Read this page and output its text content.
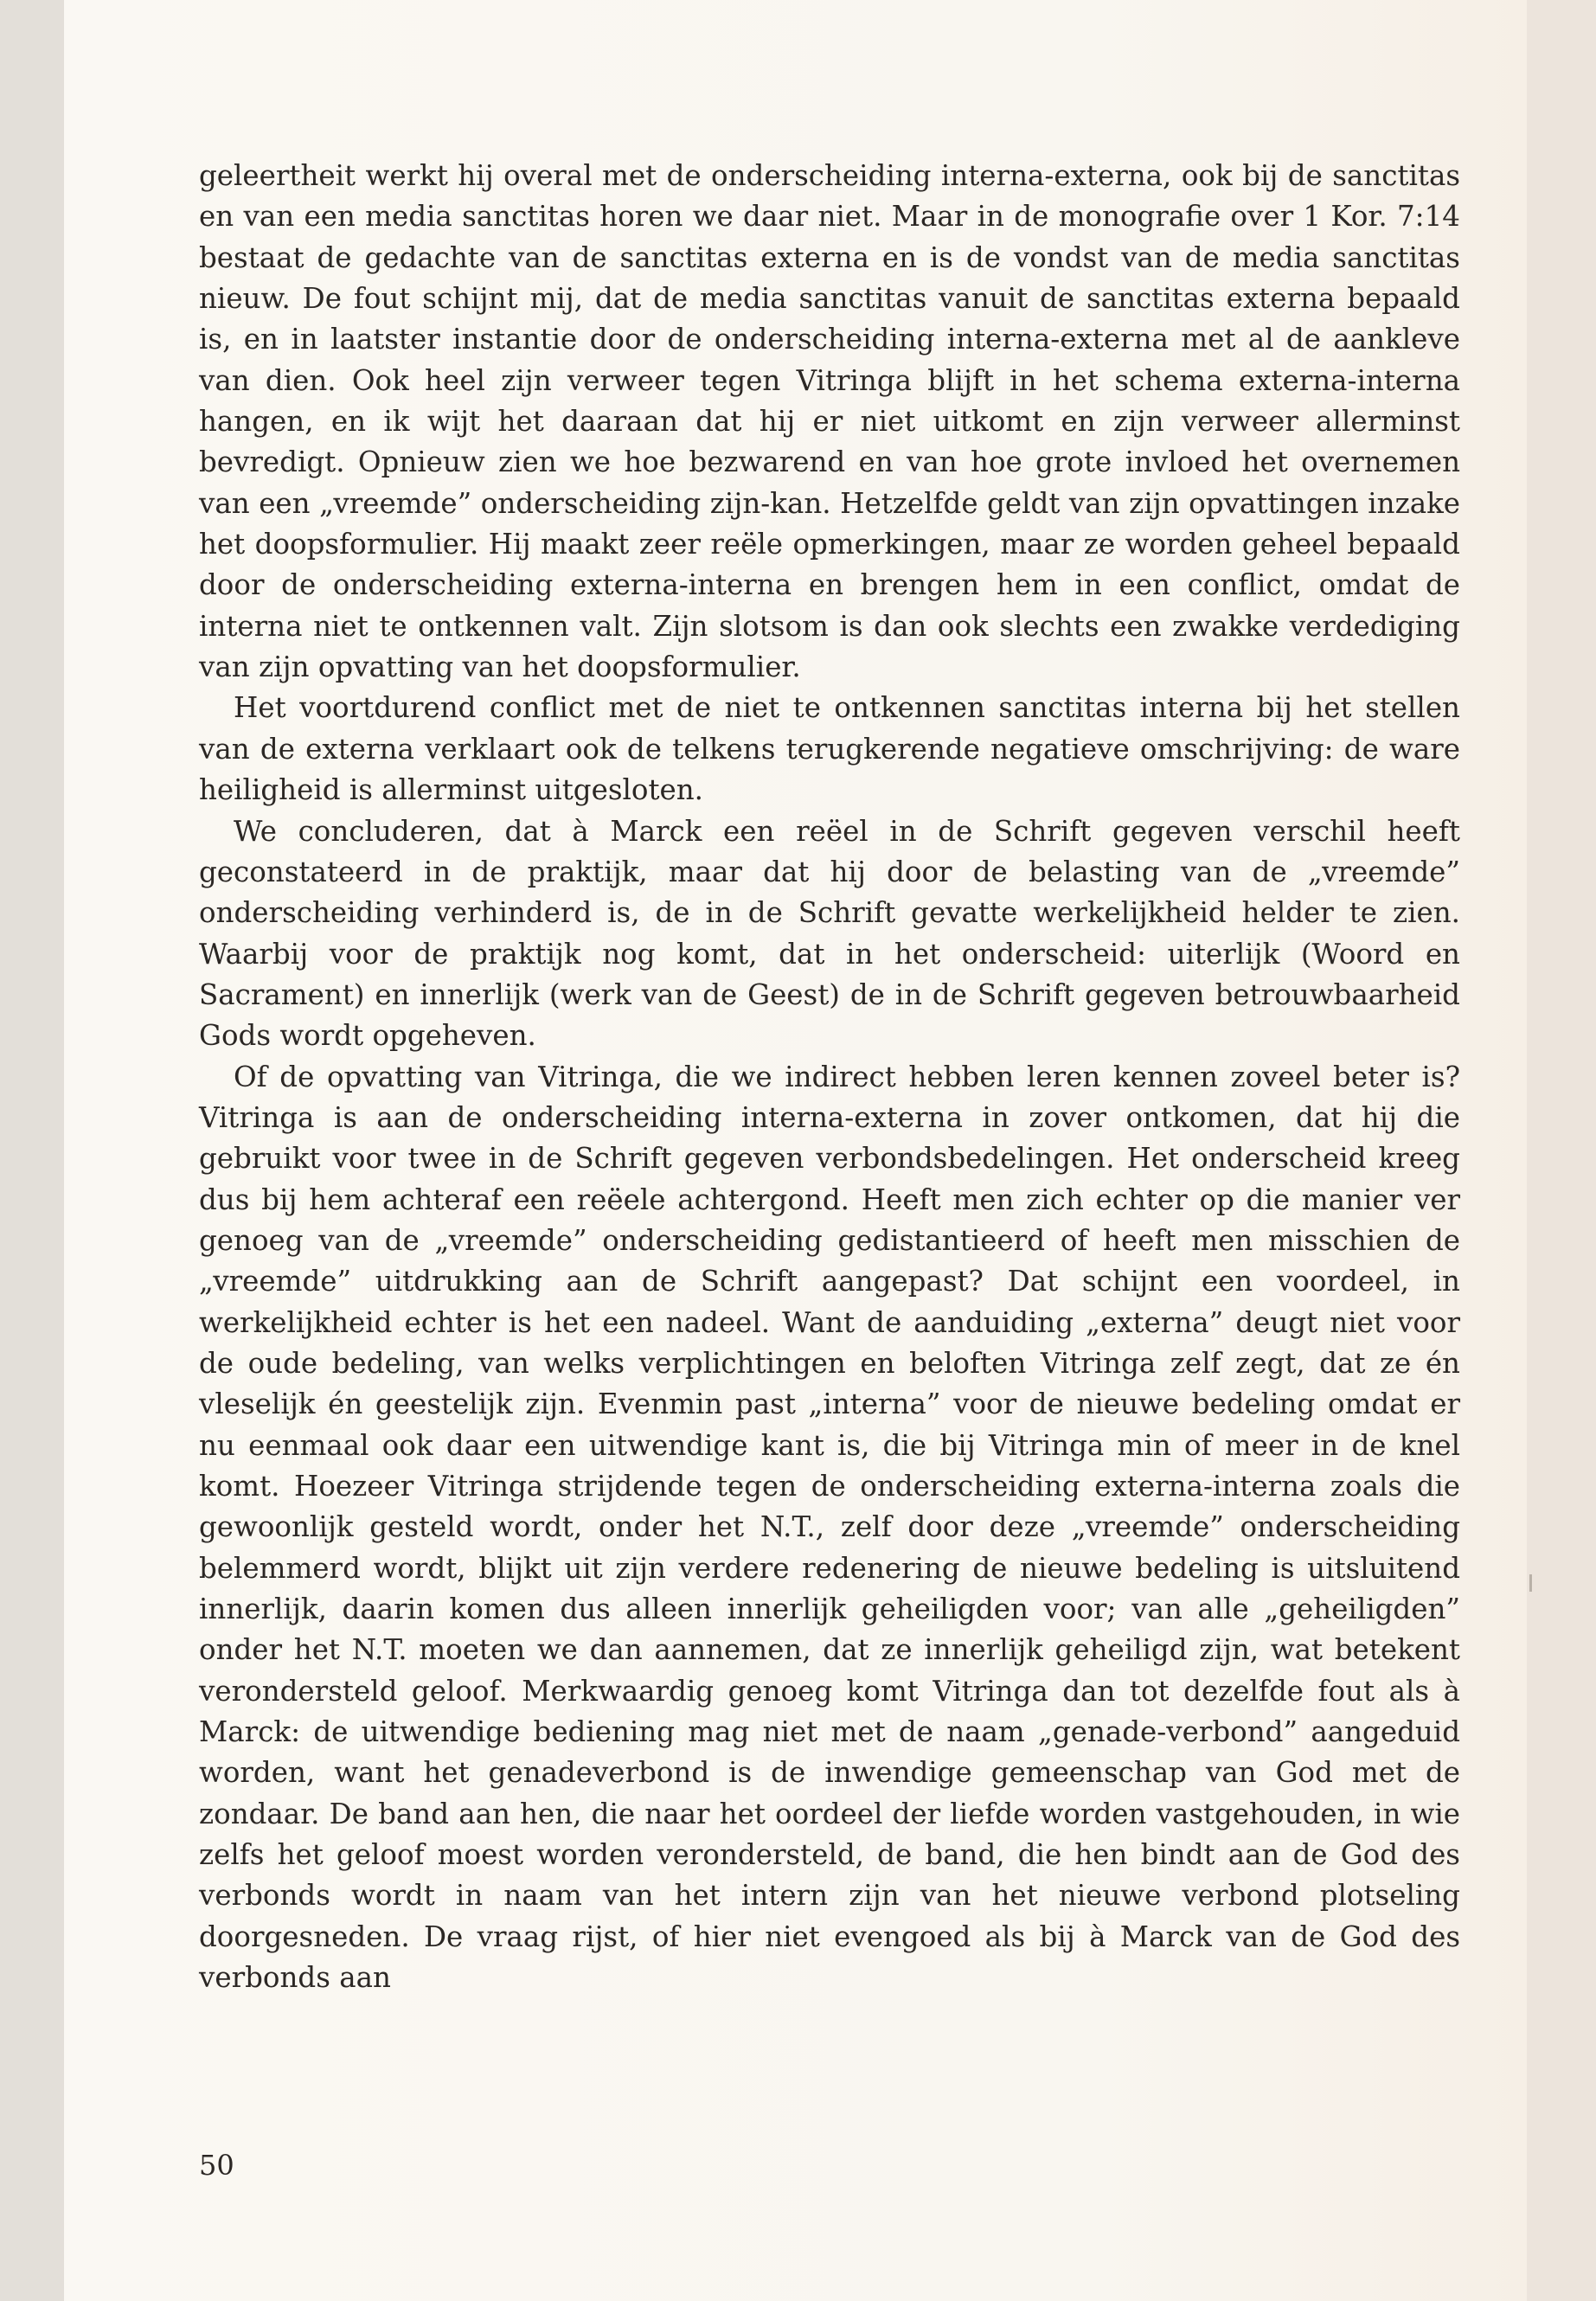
geleertheit werkt hij overal met de onderscheiding interna-externa, ook bij de sanctitas en van een media sanctitas horen we daar niet. Maar in de monografie over 1 Kor. 7:14 bestaat de gedachte van de sanctitas externa en is de vondst van de media sanctitas nieuw. De fout schijnt mij, dat de media sanctitas vanuit de sanctitas externa bepaald is, en in laatster instantie door de onderscheiding interna-externa met al de aankleve van dien. Ook heel zijn verweer tegen Vitringa blijft in het schema externa-interna hangen, en ik wijt het daaraan dat hij er niet uitkomt en zijn verweer allerminst bevredigt. Opnieuw zien we hoe bezwarend en van hoe grote invloed het overnemen van een „vreemde” onderscheiding zijn-kan. Hetzelfde geldt van zijn opvattingen inzake het doopsformulier. Hij maakt zeer reële opmerkingen, maar ze worden geheel bepaald door de onderscheiding externa-interna en brengen hem in een conflict, omdat de interna niet te ontkennen valt. Zijn slotsom is dan ook slechts een zwakke verdediging van zijn opvatting van het doopsformulier.

Het voortdurend conflict met de niet te ontkennen sanctitas interna bij het stellen van de externa verklaart ook de telkens terugkerende negatieve omschrijving: de ware heiligheid is allerminst uitgesloten.

We concluderen, dat à Marck een reëel in de Schrift gegeven verschil heeft geconstateerd in de praktijk, maar dat hij door de belasting van de „vreemde” onderscheiding verhinderd is, de in de Schrift gevatte werkelijkheid helder te zien. Waarbij voor de praktijk nog komt, dat in het onderscheid: uiterlijk (Woord en Sacrament) en innerlijk (werk van de Geest) de in de Schrift gegeven betrouwbaarheid Gods wordt opgeheven.

Of de opvatting van Vitringa, die we indirect hebben leren kennen zoveel beter is? Vitringa is aan de onderscheiding interna-externa in zover ontkomen, dat hij die gebruikt voor twee in de Schrift gegeven verbondsbedelingen. Het onderscheid kreeg dus bij hem achteraf een reëele achtergond. Heeft men zich echter op die manier ver genoeg van de „vreemde” onderscheiding gedistantieerd of heeft men misschien de „vreemde” uitdrukking aan de Schrift aangepast? Dat schijnt een voordeel, in werkelijkheid echter is het een nadeel. Want de aanduiding „externa” deugt niet voor de oude bedeling, van welks verplichtingen en beloften Vitringa zelf zegt, dat ze én vleselijk én geestelijk zijn. Evenmin past „interna” voor de nieuwe bedeling omdat er nu eenmaal ook daar een uitwendige kant is, die bij Vitringa min of meer in de knel komt. Hoezeer Vitringa strijdende tegen de onderscheiding externa-interna zoals die gewoonlijk gesteld wordt, onder het N.T., zelf door deze „vreemde” onderscheiding belemmerd wordt, blijkt uit zijn verdere redenering de nieuwe bedeling is uitsluitend innerlijk, daarin komen dus alleen innerlijk geheiligden voor; van alle „geheiligden” onder het N.T. moeten we dan aannemen, dat ze innerlijk geheiligd zijn, wat betekent verondersteld geloof. Merkwaardig genoeg komt Vitringa dan tot dezelfde fout als à Marck: de uitwendige bediening mag niet met de naam „genade-verbond” aangeduid worden, want het genadeverbond is de inwendige gemeenschap van God met de zondaar. De band aan hen, die naar het oordeel der liefde worden vastgehouden, in wie zelfs het geloof moest worden verondersteld, de band, die hen bindt aan de God des verbonds wordt in naam van het intern zijn van het nieuwe verbond plotseling doorgesneden. De vraag rijst, of hier niet evengoed als bij à Marck van de God des verbonds aan

50
